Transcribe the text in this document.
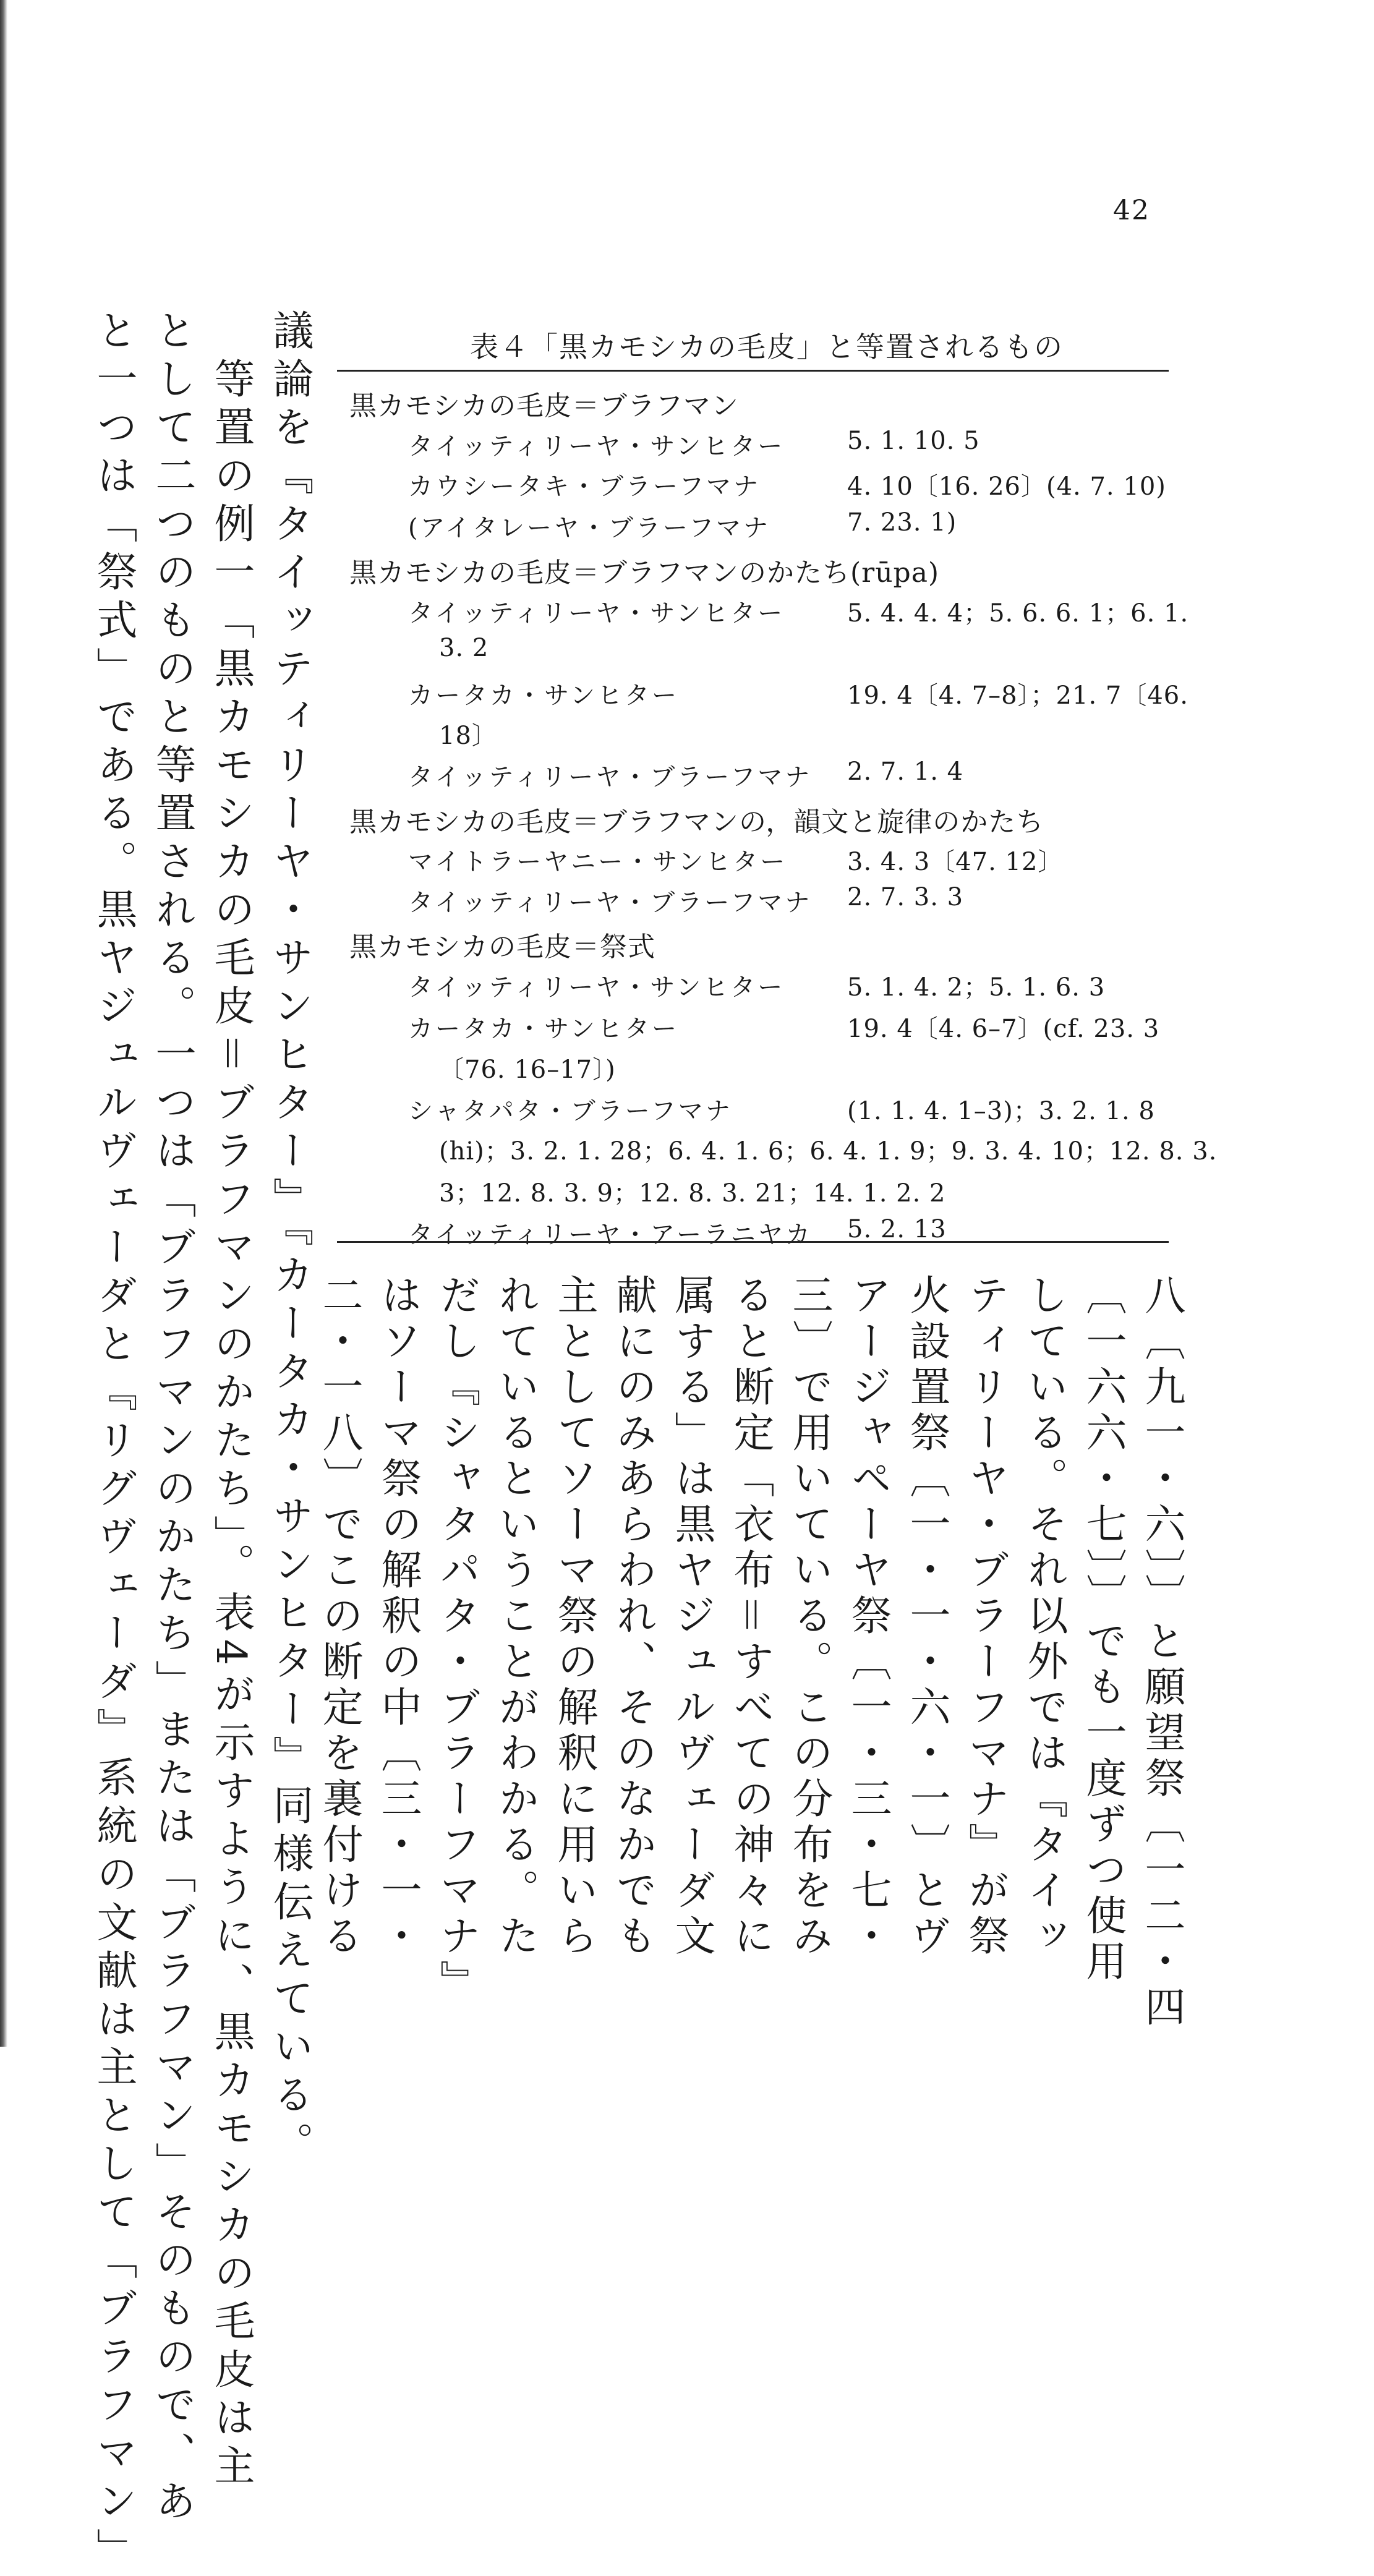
42
議論を『タイッティリーヤ・サンヒター』『カータカ・サンヒター』同様伝えている。
　等置の例一「黒カモシカの毛皮＝ブラフマンのかたち」。表4が示すように、黒カモシカの毛皮は主
として二つのものと等置される。一つは「ブラフマンのかたち」または「ブラフマン」そのもので、あ
と一つは「祭式」である。黒ヤジュルヴェーダと『リグヴェーダ』系統の文献は主として「ブラフマン」	表４「黒カモシカの毛皮」と等置されるもの
黒カモシカの毛皮＝ブラフマン
タイッティリーヤ・サンヒター	5. 1. 10. 5
カウシータキ・ブラーフマナ	4. 10〔16. 26〕(4. 7. 10)
(アイタレーヤ・ブラーフマナ	7. 23. 1)
黒カモシカの毛皮＝ブラフマンのかたち(rūpa)
タイッティリーヤ・サンヒター	5. 4. 4. 4；5. 6. 6. 1；6. 1.
3. 2
カータカ・サンヒター	19. 4〔4. 7–8〕；21. 7〔46.
18〕
タイッティリーヤ・ブラーフマナ 2. 7. 1. 4
黒カモシカの毛皮＝ブラフマンの，韻文と旋律のかたち
マイトラーヤニー・サンヒター 3. 4. 3〔47. 12〕
タイッティリーヤ・ブラーフマナ 2. 7. 3. 3
黒カモシカの毛皮＝祭式
タイッティリーヤ・サンヒター	5. 1. 4. 2；5. 1. 6. 3
カータカ・サンヒター	19. 4〔4. 6–7〕(cf. 23. 3
〔76. 16–17〕)
シャタパタ・ブラーフマナ	(1. 1. 4. 1–3)；3. 2. 1. 8
(hi)；3. 2. 1. 28；6. 4. 1. 6；6. 4. 1. 9；9. 3. 4. 10；12. 8. 3.
3；12. 8. 3. 9；12. 8. 3. 21；14. 1. 2. 2
タイッティリーヤ・アーラニヤカ 5. 2. 13
八〔九一・六〕〕と願望祭〔一二・四
〔一六六・七〕〕でも一度ずつ使用
している。それ以外では『タイッ
ティリーヤ・ブラーフマナ』が祭
火設置祭〔一・一・六・一〕とヴ
アージャペーヤ祭〔一・三・七・
三〕で用いている。この分布をみ
ると断定「衣布＝すべての神々に
属する」は黒ヤジュルヴェーダ文
献にのみあらわれ、そのなかでも
主としてソーマ祭の解釈に用いら
れているということがわかる。た
だし『シャタパタ・ブラーフマナ』
はソーマ祭の解釈の中〔三・一・
二・一八〕でこの断定を裏付ける
